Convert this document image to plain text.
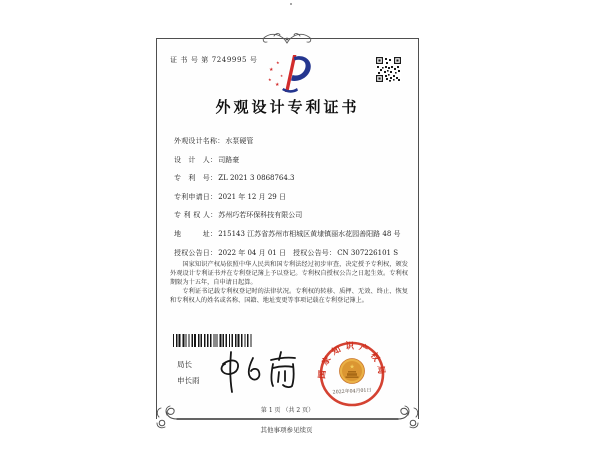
证 书 号 第 7249995 号
★
★
★
★
★
外观设计专利证书
外观设计名称：水泵硬管
设　计　人：司路豪
专　利　号：ZL 2021 3 0868764.3
专利申请日：2021 年 12 月 29 日
专 利 权 人：苏州巧若环保科技有限公司
地　　　址：215143 江苏省苏州市相城区黄埭镇丽水花园善阳路 48 号
授权公告日：2022 年 04 月 01 日 授权公告号：CN 307226101 S

国家知识产权局依照中华人民共和国专利法经过初步审查，决定授予专利权，颁发外观设计专利证书并在专利登记簿上予以登记。专利权自授权公告之日起生效。专利权期限为十五年，自申请日起算。

专利证书记载专利权登记时的法律状况。专利权的转移、质押、无效、终止、恢复和专利权人的姓名或名称、国籍、地址变更等事项记载在专利登记簿上。

局长
申长雨
国家知识产权局
★
2022年04月01日
第 1 页 （共 2 页）
其他事项参见续页
